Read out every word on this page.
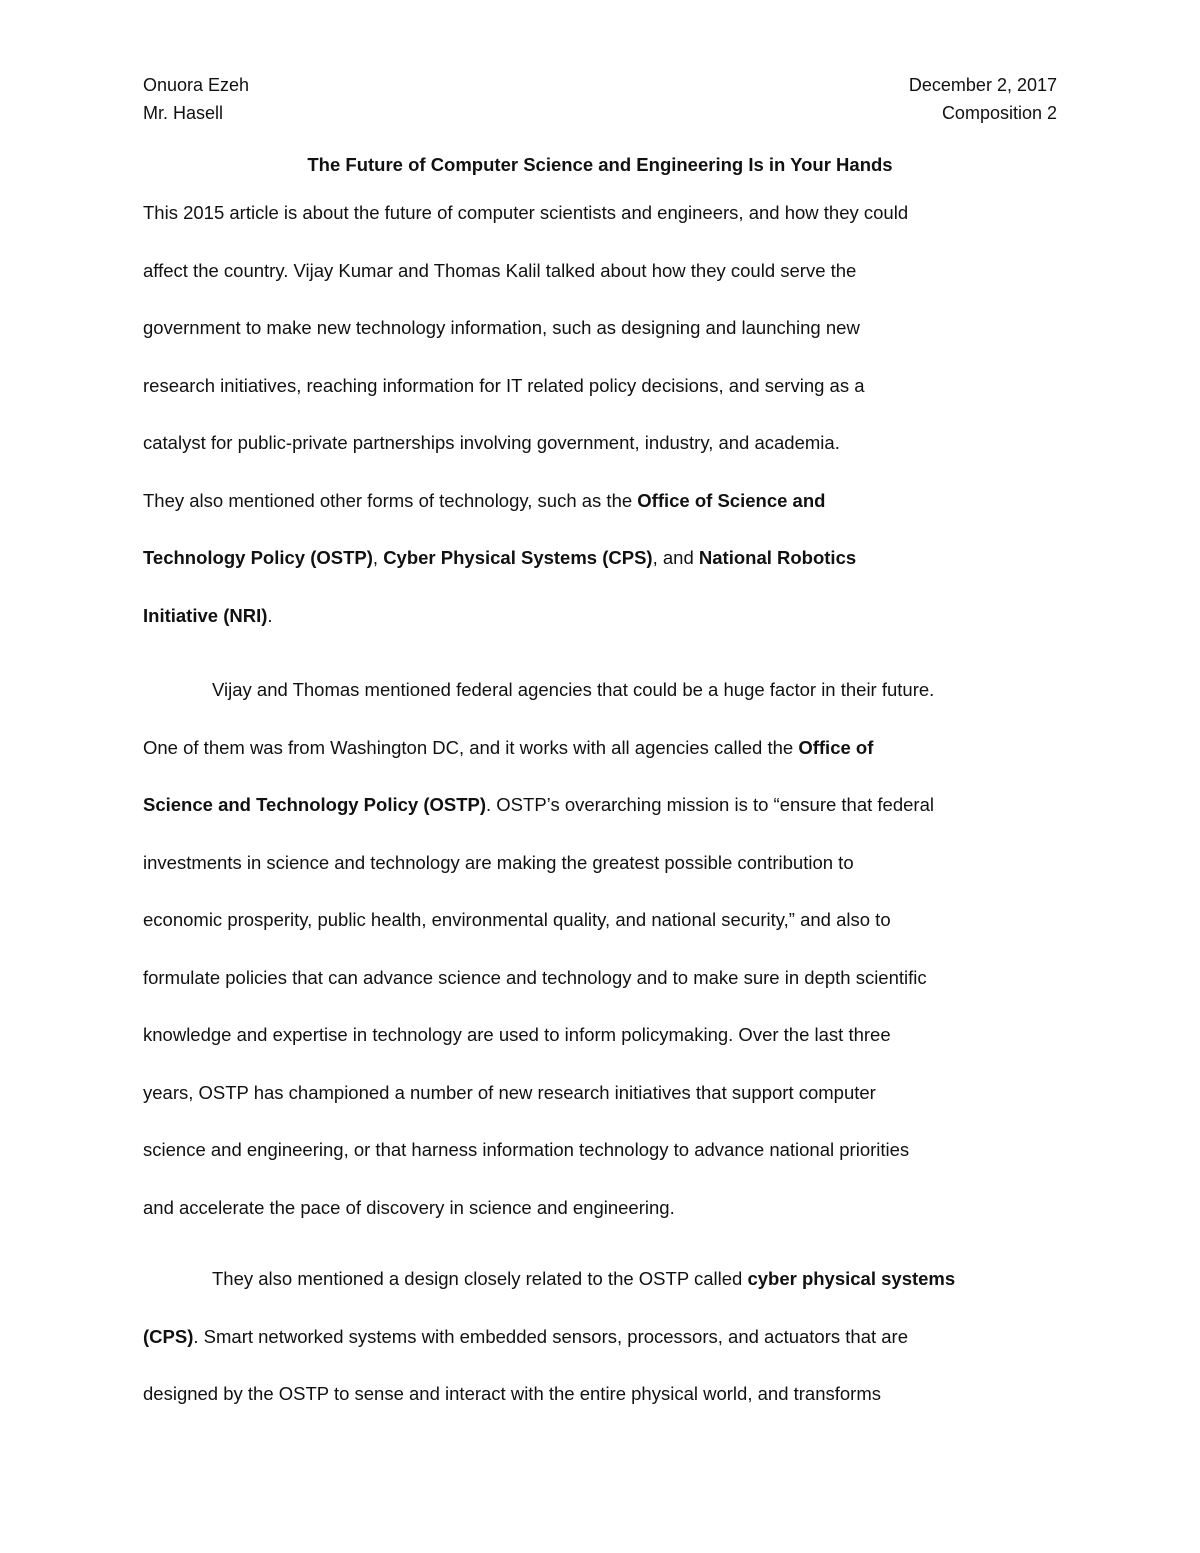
Onuora Ezeh
Mr. Hasell
December 2, 2017
Composition 2
The Future of Computer Science and Engineering Is in Your Hands
This 2015 article is about the future of computer scientists and engineers, and how they could
affect the country. Vijay Kumar and Thomas Kalil talked about how they could serve the
government to make new technology information, such as designing and launching new
research initiatives, reaching information for IT related policy decisions, and serving as a
catalyst for public-private partnerships involving government, industry, and academia.
They also mentioned other forms of technology, such as the Office of Science and
Technology Policy (OSTP), Cyber Physical Systems (CPS), and National Robotics
Initiative (NRI).
Vijay and Thomas mentioned federal agencies that could be a huge factor in their future.
One of them was from Washington DC, and it works with all agencies called the Office of
Science and Technology Policy (OSTP). OSTP’s overarching mission is to “ensure that federal
investments in science and technology are making the greatest possible contribution to
economic prosperity, public health, environmental quality, and national security,” and also to
formulate policies that can advance science and technology and to make sure in depth scientific
knowledge and expertise in technology are used to inform policymaking. Over the last three
years, OSTP has championed a number of new research initiatives that support computer
science and engineering, or that harness information technology to advance national priorities
and accelerate the pace of discovery in science and engineering.
They also mentioned a design closely related to the OSTP called cyber physical systems
(CPS). Smart networked systems with embedded sensors, processors, and actuators that are
designed by the OSTP to sense and interact with the entire physical world, and transforms
